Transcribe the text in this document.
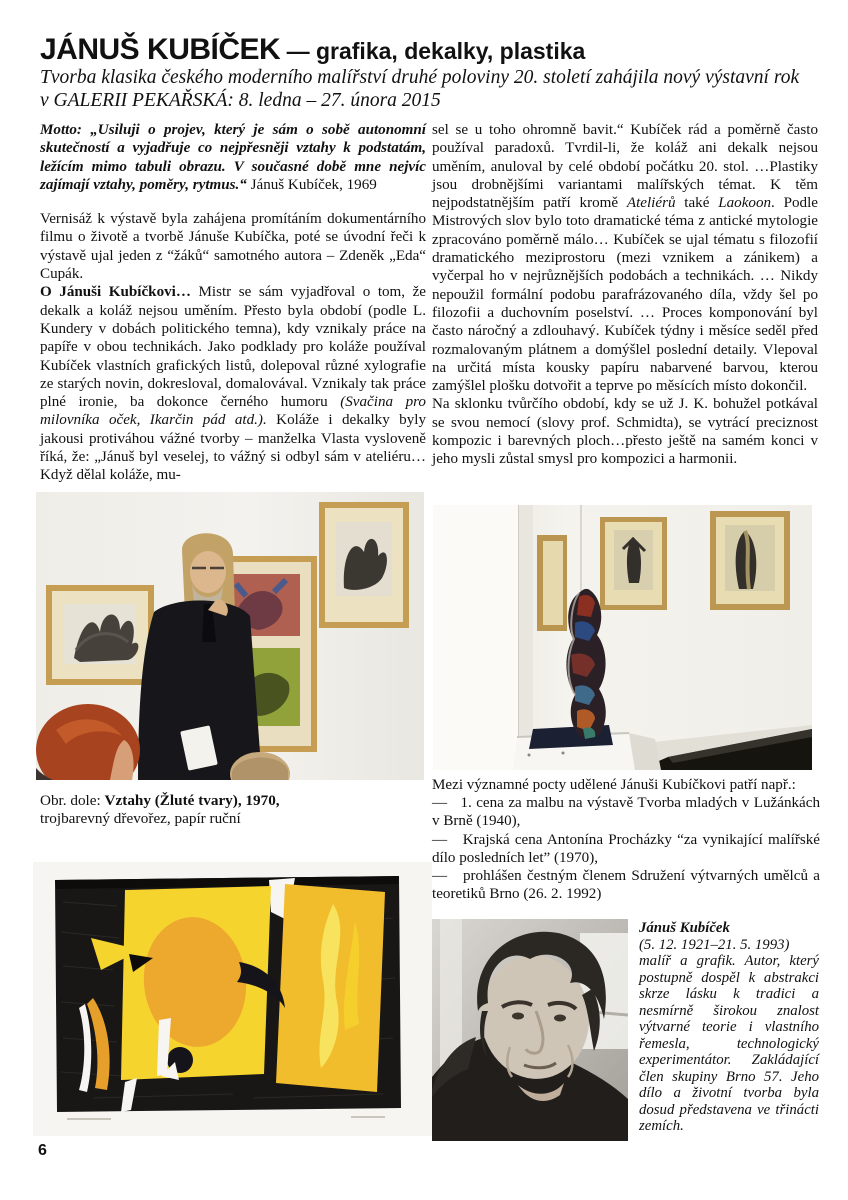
JÁNUŠ KUBÍČEK — grafika, dekalky, plastika
Tvorba klasika českého moderního malířství druhé poloviny 20. století zahájila nový výstavní rok
v GALERII PEKAŘSKÁ: 8. ledna – 27. února 2015

Motto: „Usiluji o projev, který je sám o sobě autonomní skutečností a vyjadřuje co nejpřesněji vztahy k podstatám, ležícím mimo tabuli obrazu. V současné době mne nejvíc zajímají vztahy, poměry, rytmus.“ Jánuš Kubíček, 1969

Vernisáž k výstavě byla zahájena promítáním dokumentárního filmu o životě a tvorbě Jánuše Kubíčka, poté se úvodní řeči k výstavě ujal jeden z “žáků“ samotného autora – Zdeněk „Eda“ Cupák.

O Jánuši Kubíčkovi… Mistr se sám vyjadřoval o tom, že dekalk a koláž nejsou uměním. Přesto byla období (podle L. Kundery v dobách politického temna), kdy vznikaly práce na papíře v obou technikách. Jako podklady pro koláže používal Kubíček vlastních grafických listů, dolepoval různé xylografie ze starých novin, dokresloval, domalovával. Vznikaly tak práce plné ironie, ba dokonce černého humoru (Svačina pro milovníka oček, Ikarčin pád atd.). Koláže i dekalky byly jakousi protiváhou vážné tvorby – manželka Vlasta vysloveně říká, že: „Jánuš byl veselej, to vážný si odbyl sám v ateliéru… Když dělal koláže, mu-

sel se u toho ohromně bavit.“ Kubíček rád a poměrně často používal paradoxů. Tvrdil-li, že koláž ani dekalk nejsou uměním, anuloval by celé období počátku 20. stol. …Plastiky jsou drobnějšími variantami malířských témat. K těm nejpodstatnějším patří kromě Ateliérů také Laokoon. Podle Mistrových slov bylo toto dramatické téma z antické mytologie zpracováno poměrně málo… Kubíček se ujal tématu s filozofií dramatického meziprostoru (mezi vznikem a zánikem) a vyčerpal ho v nejrůznějších podobách a technikách. … Nikdy nepoužil formální podobu parafrázovaného díla, vždy šel po filozofii a duchovním poselství. … Proces komponování byl často náročný a zdlouhavý. Kubíček týdny i měsíce seděl před rozmalovaným plátnem a domýšlel poslední detaily. Vlepoval na určitá místa kousky papíru nabarvené barvou, kterou zamýšlel plošku dotvořit a teprve po měsících místo dokončil.

Na sklonku tvůrčího období, kdy se už J. K. bohužel potkával se svou nemocí (slovy prof. Schmidta), se vytrácí preciznost kompozic i barevných ploch…přesto ještě na samém konci v jeho mysli zůstal smysl pro kompozici a harmonii.

Obr. dole: Vztahy (Žluté tvary), 1970,
trojbarevný dřevořez, papír ruční
Mezi významné pocty udělené Jánuši Kubíčkovi patří např.:
—   1. cena za malbu na výstavě Tvorba mladých v Lužánkách v Brně (1940),
—   Krajská cena Antonína Procházky “za vynikající malířské dílo posledních let” (1970),
—   prohlášen čestným členem Sdružení výtvarných umělců a teoretiků Brno (26. 2. 1992)
Jánuš Kubíček
(5. 12. 1921–21. 5. 1993)
malíř a grafik. Autor, který postupně dospěl k abstrakci skrze lásku k tradici a nesmírně širokou znalost výtvarné teorie i vlastního řemesla, technologický experimentátor. Zakládající člen skupiny Brno 57. Jeho dílo a životní tvorba byla dosud představena ve třinácti zemích.
6
